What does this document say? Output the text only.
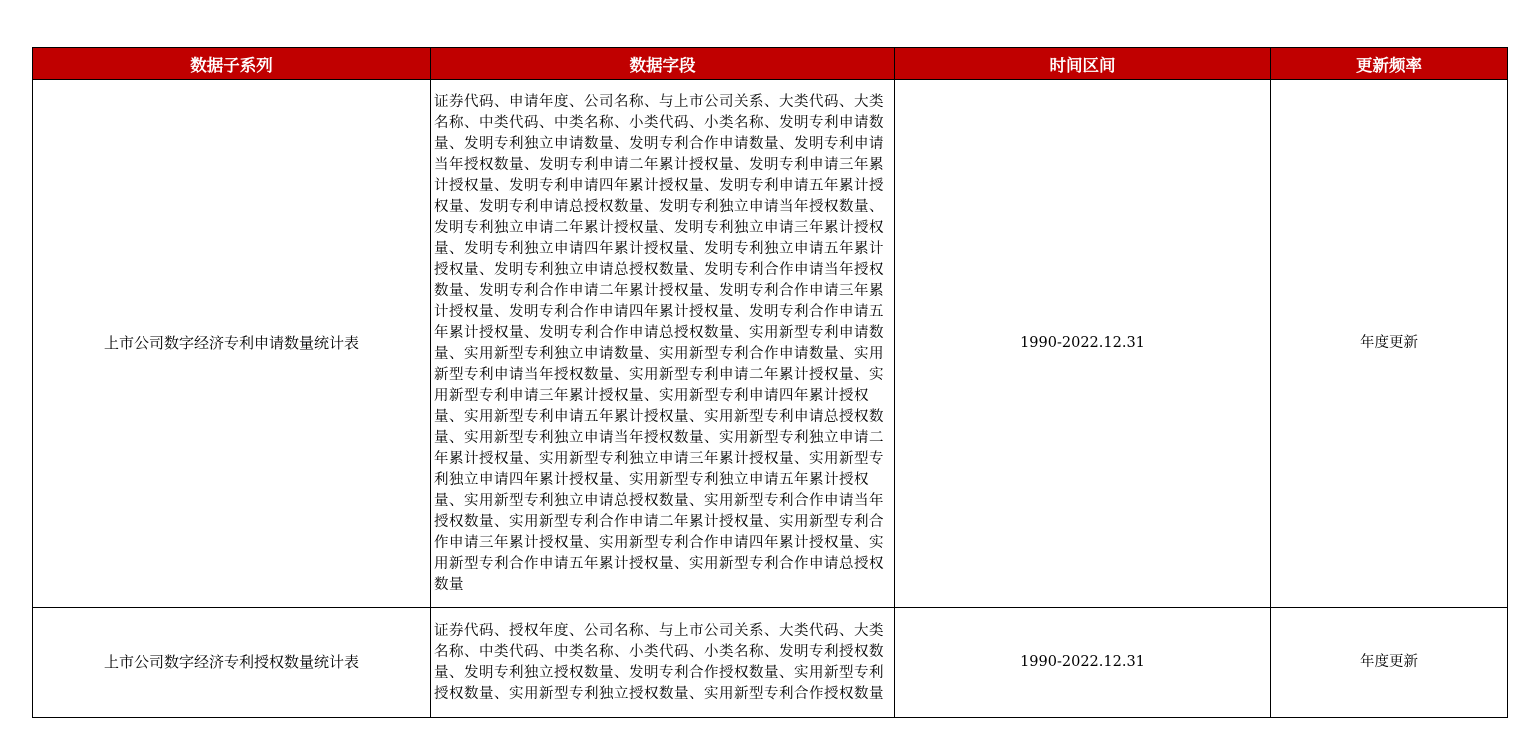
数据子系列	数据字段	时间区间	更新频率
上市公司数字经济专利申请数量统计表	证券代码、申请年度、公司名称、与上市公司关系、大类代码、大类名称、中类代码、中类名称、小类代码、小类名称、发明专利申请数量、发明专利独立申请数量、发明专利合作申请数量、发明专利申请当年授权数量、发明专利申请二年累计授权量、发明专利申请三年累计授权量、发明专利申请四年累计授权量、发明专利申请五年累计授权量、发明专利申请总授权数量、发明专利独立申请当年授权数量、发明专利独立申请二年累计授权量、发明专利独立申请三年累计授权量、发明专利独立申请四年累计授权量、发明专利独立申请五年累计授权量、发明专利独立申请总授权数量、发明专利合作申请当年授权数量、发明专利合作申请二年累计授权量、发明专利合作申请三年累计授权量、发明专利合作申请四年累计授权量、发明专利合作申请五年累计授权量、发明专利合作申请总授权数量、实用新型专利申请数量、实用新型专利独立申请数量、实用新型专利合作申请数量、实用新型专利申请当年授权数量、实用新型专利申请二年累计授权量、实用新型专利申请三年累计授权量、实用新型专利申请四年累计授权量、实用新型专利申请五年累计授权量、实用新型专利申请总授权数量、实用新型专利独立申请当年授权数量、实用新型专利独立申请二年累计授权量、实用新型专利独立申请三年累计授权量、实用新型专利独立申请四年累计授权量、实用新型专利独立申请五年累计授权量、实用新型专利独立申请总授权数量、实用新型专利合作申请当年授权数量、实用新型专利合作申请二年累计授权量、实用新型专利合作申请三年累计授权量、实用新型专利合作申请四年累计授权量、实用新型专利合作申请五年累计授权量、实用新型专利合作申请总授权数量	1990-2022.12.31	年度更新
上市公司数字经济专利授权数量统计表	证券代码、授权年度、公司名称、与上市公司关系、大类代码、大类名称、中类代码、中类名称、小类代码、小类名称、发明专利授权数量、发明专利独立授权数量、发明专利合作授权数量、实用新型专利授权数量、实用新型专利独立授权数量、实用新型专利合作授权数量	1990-2022.12.31	年度更新
